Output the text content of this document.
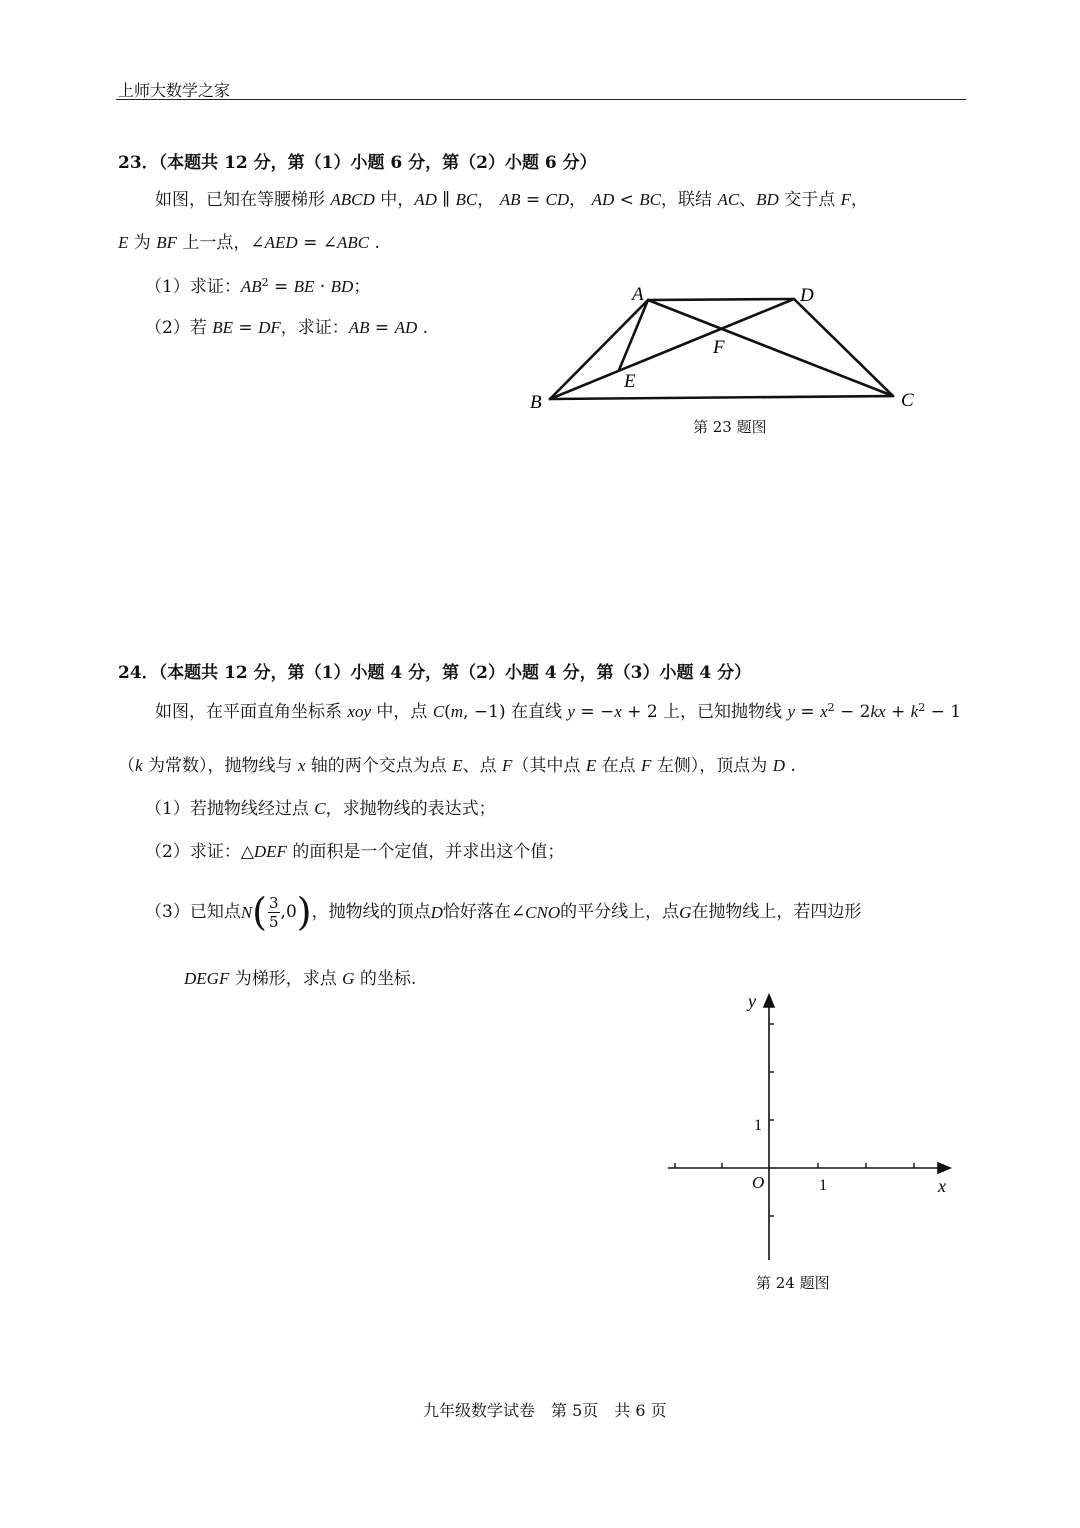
上师大数学之家
23．（本题共 12 分，第（1）小题 6 分，第（2）小题 6 分）
如图，已知在等腰梯形 ABCD 中，AD ∥ BC， AB = CD， AD < BC，联结 AC、BD 交于点 F，
E 为 BF 上一点，∠AED = ∠ABC .
（1）求证：$AB^2$ = BE · BD；
（2）若 BE = DF，求证：AB = AD .
A	D
F
E
B	C
第 23 题图
24．（本题共 12 分，第（1）小题 4 分，第（2）小题 4 分，第（3）小题 4 分）
如图，在平面直角坐标系 xoy 中，点 C(m, −1) 在直线 y = −x + 2 上，已知抛物线 $y = x^2 - 2kx + k^2 - 1$
（k 为常数），抛物线与 x 轴的两个交点为点 E、点 F（其中点 E 在点 F 左侧），顶点为 D .
（1）若抛物线经过点 C，求抛物线的表达式；
（2）求证：△DEF 的面积是一个定值，并求出这个值；
（3）已知点 N ( $\frac{3}{5} ,0$ ) ，抛物线的顶点 D 恰好落在 ∠ CNO 的平分线上，点 G 在抛物线上，若四边形
DEGF 为梯形，求点 G 的坐标.
y
x
O	1
1
第 24 题图
九年级数学试卷　第 5页　共 6 页
